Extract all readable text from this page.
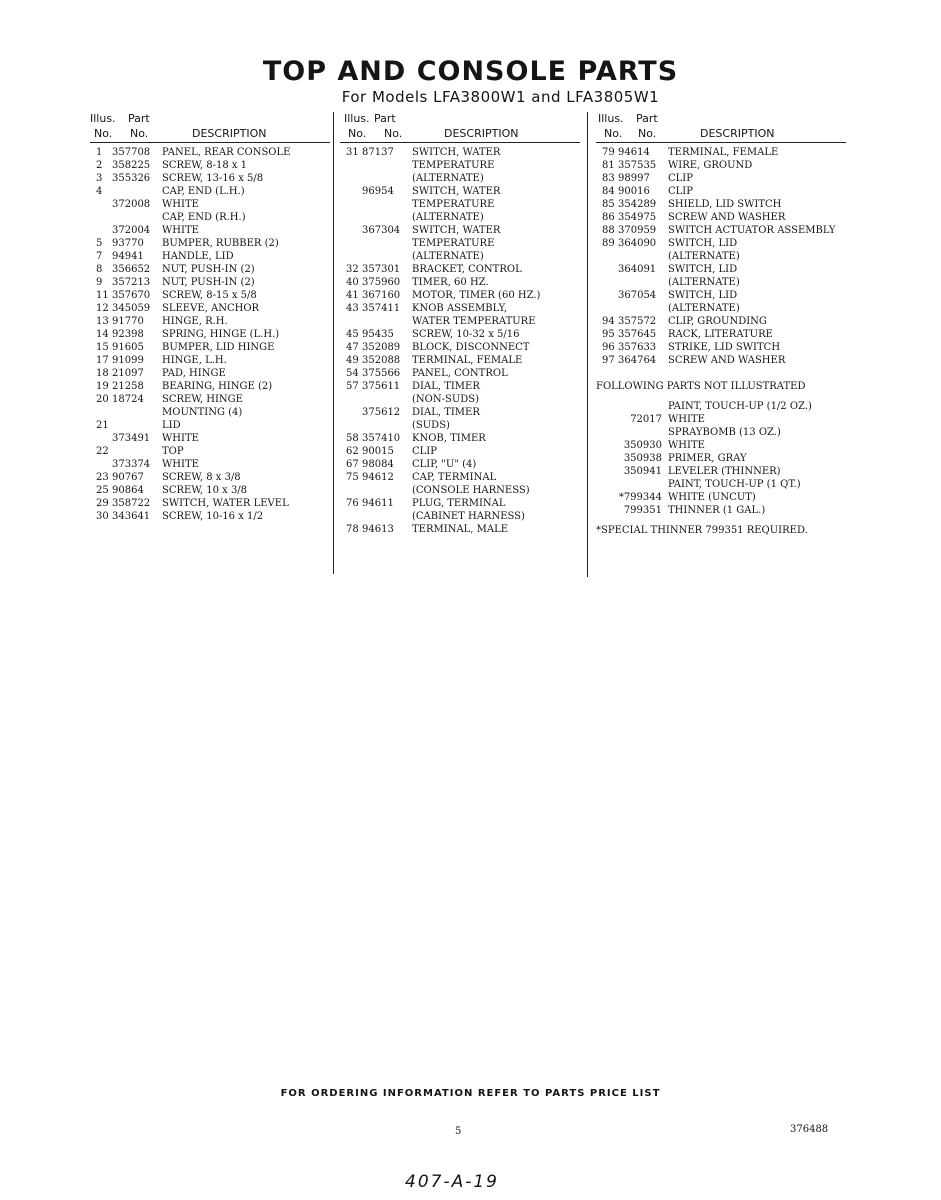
TOP AND CONSOLE PARTS
For Models LFA3800W1 and LFA3805W1
Illus. Part
No. No.	DESCRIPTION
1 357708	PANEL, REAR CONSOLE
2 358225	SCREW, 8-18 x 1
3 355326	SCREW, 13-16 x 5/8
4	CAP, END (L.H.)
372008	WHITE
CAP, END (R.H.)
372004	WHITE
5 93770	BUMPER, RUBBER (2)
7 94941	HANDLE, LID
8 356652	NUT, PUSH-IN (2)
9 357213	NUT, PUSH-IN (2)
11 357670	SCREW, 8-15 x 5/8
12 345059	SLEEVE, ANCHOR
13 91770	HINGE, R.H.
14 92398	SPRING, HINGE (L.H.)
15 91605	BUMPER, LID HINGE
17 91099	HINGE, L.H.
18 21097	PAD, HINGE
19 21258	BEARING, HINGE (2)
20 18724	SCREW, HINGE
MOUNTING (4)
21	LID
373491	WHITE
22	TOP
373374	WHITE
23 90767	SCREW, 8 x 3/8
25 90864	SCREW, 10 x 3/8
29 358722	SWITCH, WATER LEVEL
30 343641	SCREW, 10-16 x 1/2
Illus. Part
No. No.	DESCRIPTION
31 87137	SWITCH, WATER
TEMPERATURE
(ALTERNATE)
96954	SWITCH, WATER
TEMPERATURE
(ALTERNATE)
367304	SWITCH, WATER
TEMPERATURE
(ALTERNATE)
32 357301	BRACKET, CONTROL
40 375960	TIMER, 60 HZ.
41 367160	MOTOR, TIMER (60 HZ.)
43 357411	KNOB ASSEMBLY,
WATER TEMPERATURE
45 95435	SCREW, 10-32 x 5/16
47 352089	BLOCK, DISCONNECT
49 352088	TERMINAL, FEMALE
54 375566	PANEL, CONTROL
57 375611	DIAL, TIMER
(NON-SUDS)
375612	DIAL, TIMER
(SUDS)
58 357410	KNOB, TIMER
62 90015	CLIP
67 98084	CLIP, "U" (4)
75 94612	CAP, TERMINAL
(CONSOLE HARNESS)
76 94611	PLUG, TERMINAL
(CABINET HARNESS)
78 94613	TERMINAL, MALE
Illus. Part
No. No.	DESCRIPTION
79 94614	TERMINAL, FEMALE
81 357535	WIRE, GROUND
83 98997	CLIP
84 90016	CLIP
85 354289	SHIELD, LID SWITCH
86 354975	SCREW AND WASHER
88 370959	SWITCH ACTUATOR ASSEMBLY
89 364090	SWITCH, LID
(ALTERNATE)
364091	SWITCH, LID
(ALTERNATE)
367054	SWITCH, LID
(ALTERNATE)
94 357572	CLIP, GROUNDING
95 357645	RACK, LITERATURE
96 357633	STRIKE, LID SWITCH
97 364764	SCREW AND WASHER
FOLLOWING PARTS NOT ILLUSTRATED
PAINT, TOUCH-UP (1/2 OZ.)
72017 WHITE
SPRAYBOMB (13 OZ.)
350930 WHITE
350938 PRIMER, GRAY
350941 LEVELER (THINNER)
PAINT, TOUCH-UP (1 QT.)
*799344 WHITE (UNCUT)
799351 THINNER (1 GAL.)
*SPECIAL THINNER 799351 REQUIRED.
FOR ORDERING INFORMATION REFER TO PARTS PRICE LIST
5	376488
407-A-19
